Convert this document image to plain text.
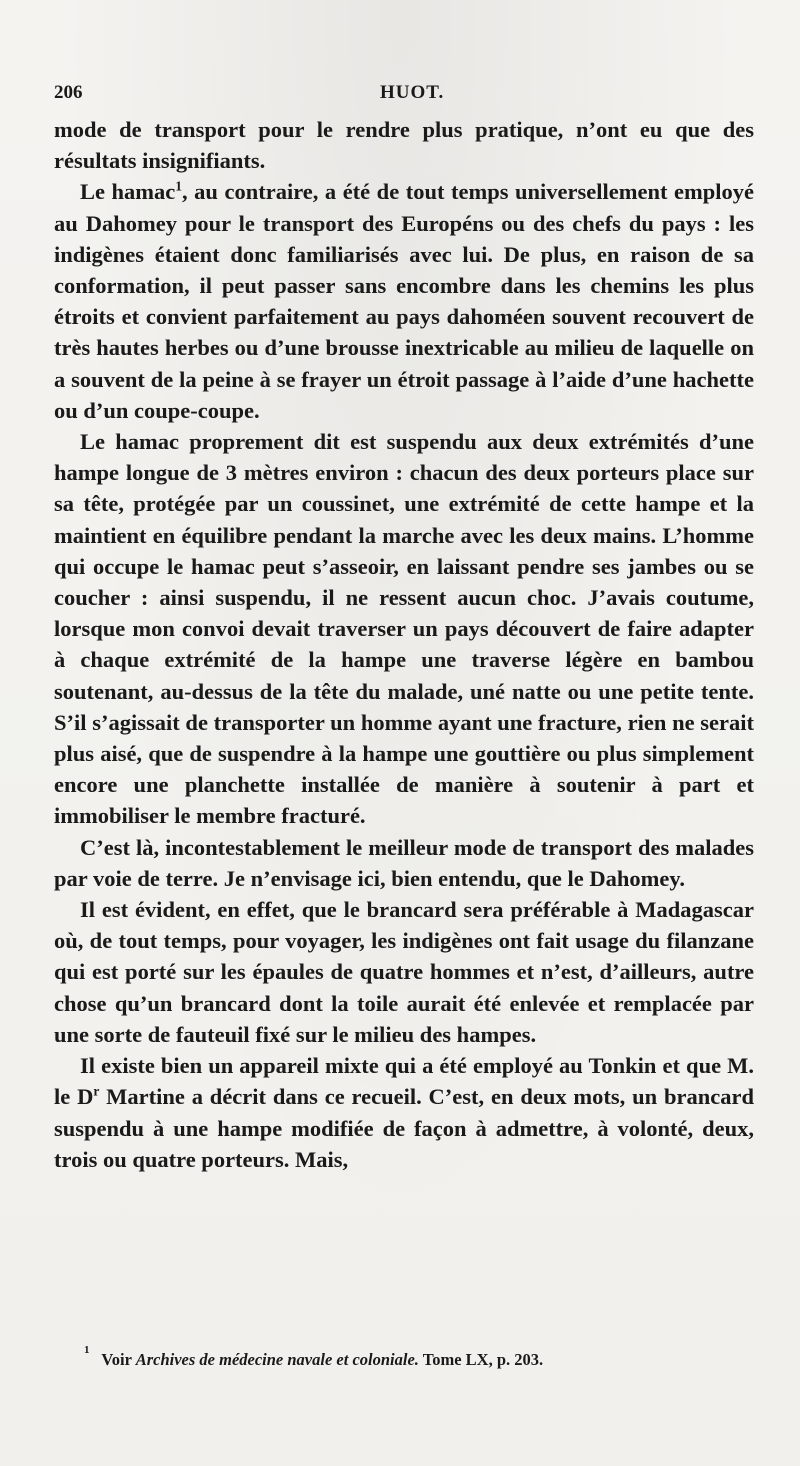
206	HUOT.

mode de transport pour le rendre plus pratique, n’ont eu que des résultats insignifiants.

Le hamac$^1$, au contraire, a été de tout temps universellement employé au Dahomey pour le transport des Européns ou des chefs du pays : les indigènes étaient donc familiarisés avec lui. De plus, en raison de sa conformation, il peut passer sans encombre dans les chemins les plus étroits et convient parfaitement au pays dahoméen souvent recouvert de très hautes herbes ou d’une brousse inextricable au milieu de laquelle on a souvent de la peine à se frayer un étroit passage à l’aide d’une hachette ou d’un coupe-coupe.

Le hamac proprement dit est suspendu aux deux extrémités d’une hampe longue de 3 mètres environ : chacun des deux porteurs place sur sa tête, protégée par un coussinet, une extrémité de cette hampe et la maintient en équilibre pendant la marche avec les deux mains. L’homme qui occupe le hamac peut s’asseoir, en laissant pendre ses jambes ou se coucher : ainsi suspendu, il ne ressent aucun choc. J’avais coutume, lorsque mon convoi devait traverser un pays découvert de faire adapter à chaque extrémité de la hampe une traverse légère en bambou soutenant, au-dessus de la tête du malade, uné natte ou une petite tente. S’il s’agissait de transporter un homme ayant une fracture, rien ne serait plus aisé, que de suspendre à la hampe une gouttière ou plus simplement encore une planchette installée de manière à soutenir à part et immobiliser le membre fracturé.

C’est là, incontestablement le meilleur mode de transport des malades par voie de terre. Je n’envisage ici, bien entendu, que le Dahomey.

Il est évident, en effet, que le brancard sera préférable à Madagascar où, de tout temps, pour voyager, les indigènes ont fait usage du filanzane qui est porté sur les épaules de quatre hommes et n’est, d’ailleurs, autre chose qu’un brancard dont la toile aurait été enlevée et remplacée par une sorte de fauteuil fixé sur le milieu des hampes.

Il existe bien un appareil mixte qui a été employé au Tonkin et que M. le $D^r$ Martine a décrit dans ce recueil. C’est, en deux mots, un brancard suspendu à une hampe modifiée de façon à admettre, à volonté, deux, trois ou quatre porteurs. Mais,

$^1$ Voir Archives de médecine navale et coloniale. Tome LX, p. 203.
